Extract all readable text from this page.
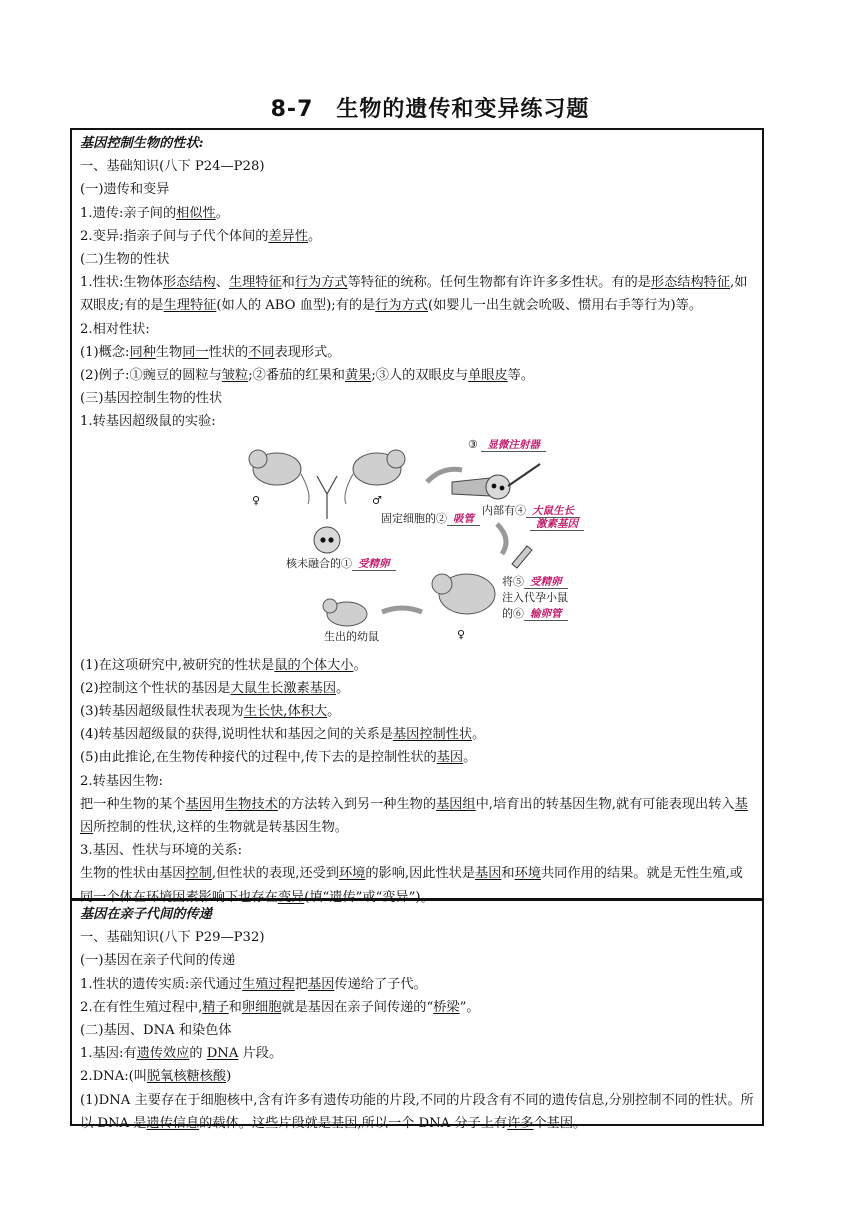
8-7　生物的遗传和变异练习题
基因控制生物的性状:
一、基础知识(八下 P24—P28)
(一)遗传和变异
1.遗传:亲子间的相似性。
2.变异:指亲子间与子代个体间的差异性。
(二)生物的性状
1.性状:生物体形态结构、生理特征和行为方式等特征的统称。任何生物都有许许多多性状。有的是形态结构特征,如双眼皮;有的是生理特征(如人的 ABO 血型);有的是行为方式(如婴儿一出生就会吮吸、惯用右手等行为)等。
2.相对性状:
(1)概念:同种生物同一性状的不同表现形式。
(2)例子:①豌豆的圆粒与皱粒;②番茄的红果和黄果;③人的双眼皮与单眼皮等。
(三)基因控制生物的性状
1.转基因超级鼠的实验:
♀	♂
③ 显微注射器
固定细胞的② 吸管
内部有④ 大鼠生长
激素基因
核未融合的① 受精卵
将⑤ 受精卵
注入代孕小鼠
的⑥ 输卵管
生出的幼鼠	♀
(1)在这项研究中,被研究的性状是鼠的个体大小。
(2)控制这个性状的基因是大鼠生长激素基因。
(3)转基因超级鼠性状表现为生长快,体积大。
(4)转基因超级鼠的获得,说明性状和基因之间的关系是基因控制性状。
(5)由此推论,在生物传种接代的过程中,传下去的是控制性状的基因。
2.转基因生物:
把一种生物的某个基因用生物技术的方法转入到另一种生物的基因组中,培育出的转基因生物,就有可能表现出转入基因所控制的性状,这样的生物就是转基因生物。
3.基因、性状与环境的关系:
生物的性状由基因控制,但性状的表现,还受到环境的影响,因此性状是基因和环境共同作用的结果。就是无性生殖,或同一个体在环境因素影响下也存在变异(填“遗传”或“变异”)。
基因在亲子代间的传递
一、基础知识(八下 P29—P32)
(一)基因在亲子代间的传递
1.性状的遗传实质:亲代通过生殖过程把基因传递给了子代。
2.在有性生殖过程中,精子和卵细胞就是基因在亲子间传递的“桥梁”。
(二)基因、DNA 和染色体
1.基因:有遗传效应的 DNA 片段。
2.DNA:(叫脱氧核糖核酸)
(1)DNA 主要存在于细胞核中,含有许多有遗传功能的片段,不同的片段含有不同的遗传信息,分别控制不同的性状。所以 DNA 是遗传信息的载体。这些片段就是基因,所以一个 DNA 分子上有许多个基因。
